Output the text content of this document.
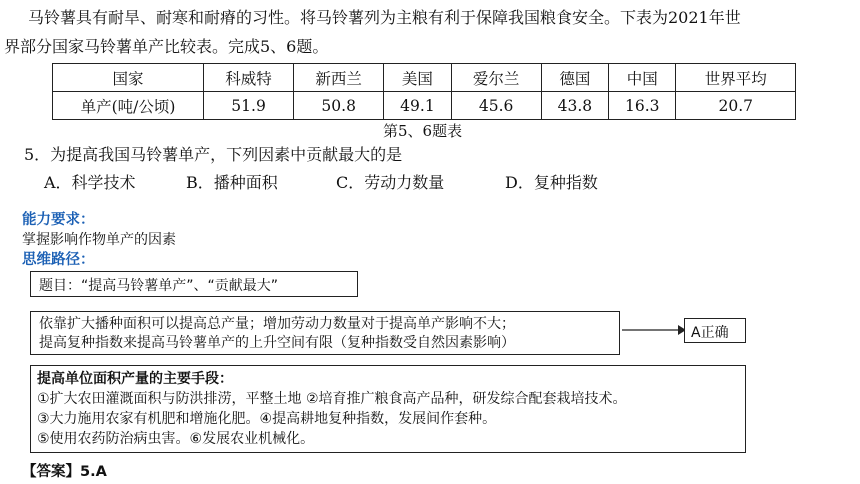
马铃薯具有耐旱、耐寒和耐瘠的习性。将马铃薯列为主粮有利于保障我国粮食安全。下表为2021年世
界部分国家马铃薯单产比较表。完成5、6题。
国家	科威特	新西兰	美国	爱尔兰	德国	中国	世界平均
单产(吨/公顷)	51.9	50.8	49.1	45.6	43.8	16.3	20.7
第5、6题表
5．为提高我国马铃薯单产，下列因素中贡献最大的是
A．科学技术	B．播种面积	C．劳动力数量	D．复种指数
能力要求：
掌握影响作物单产的因素
思维路径：
题目：“提高马铃薯单产”、“贡献最大”
依靠扩大播种面积可以提高总产量；增加劳动力数量对于提高单产影响不大；
提高复种指数来提高马铃薯单产的上升空间有限（复种指数受自然因素影响）
A正确
提高单位面积产量的主要手段：
①扩大农田灌溉面积与防洪排涝，平整土地 ②培育推广粮食高产品种，研发综合配套栽培技术。
③大力施用农家有机肥和增施化肥。④提高耕地复种指数，发展间作套种。
⑤使用农药防治病虫害。⑥发展农业机械化。
【答案】5.A
